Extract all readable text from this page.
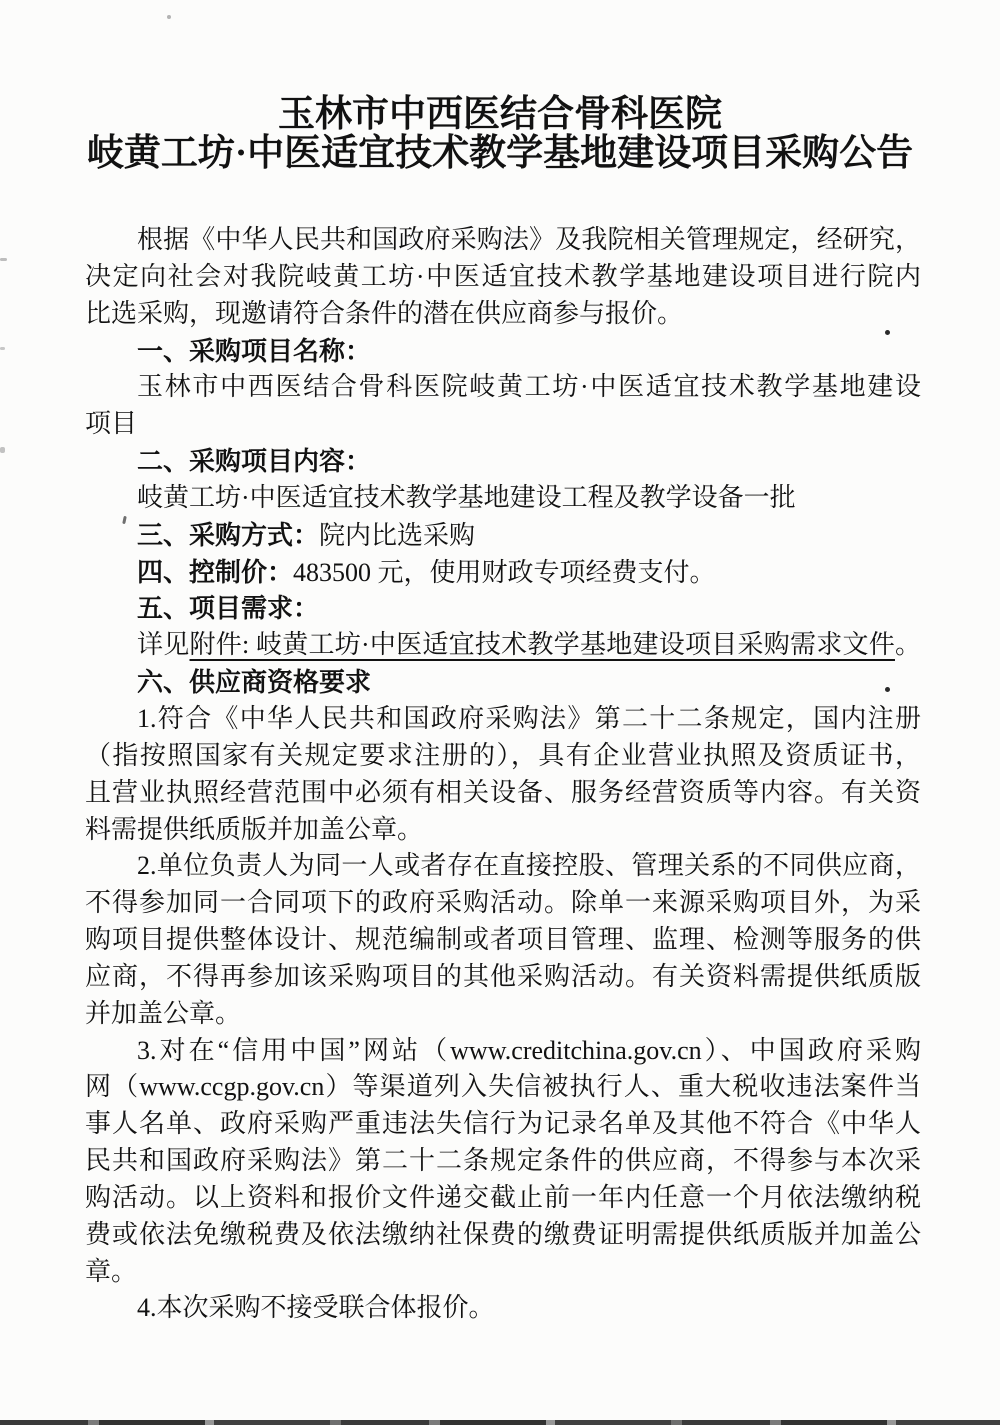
玉林市中西医结合骨科医院
岐黄工坊·中医适宜技术教学基地建设项目采购公告
根据《中华人民共和国政府采购法》及我院相关管理规定，经研究，
决定向社会对我院岐黄工坊·中医适宜技术教学基地建设项目进行院内
比选采购，现邀请符合条件的潜在供应商参与报价。
一、采购项目名称：
玉林市中西医结合骨科医院岐黄工坊·中医适宜技术教学基地建设
项目
二、采购项目内容：
岐黄工坊·中医适宜技术教学基地建设工程及教学设备一批
三、采购方式：院内比选采购
四、控制价：483500 元，使用财政专项经费支付。
五、项目需求：
详见附件: 岐黄工坊·中医适宜技术教学基地建设项目采购需求文件。
六、供应商资格要求
1.符合《中华人民共和国政府采购法》第二十二条规定，国内注册
（指按照国家有关规定要求注册的），具有企业营业执照及资质证书，
且营业执照经营范围中必须有相关设备、服务经营资质等内容。有关资
料需提供纸质版并加盖公章。
2.单位负责人为同一人或者存在直接控股、管理关系的不同供应商，
不得参加同一合同项下的政府采购活动。除单一来源采购项目外，为采
购项目提供整体设计、规范编制或者项目管理、监理、检测等服务的供
应商，不得再参加该采购项目的其他采购活动。有关资料需提供纸质版
并加盖公章。
3.对在“信用中国”网站（www.creditchina.gov.cn）、中国政府采购
网（www.ccgp.gov.cn）等渠道列入失信被执行人、重大税收违法案件当
事人名单、政府采购严重违法失信行为记录名单及其他不符合《中华人
民共和国政府采购法》第二十二条规定条件的供应商，不得参与本次采
购活动。以上资料和报价文件递交截止前一年内任意一个月依法缴纳税
费或依法免缴税费及依法缴纳社保费的缴费证明需提供纸质版并加盖公
章。
4.本次采购不接受联合体报价。
